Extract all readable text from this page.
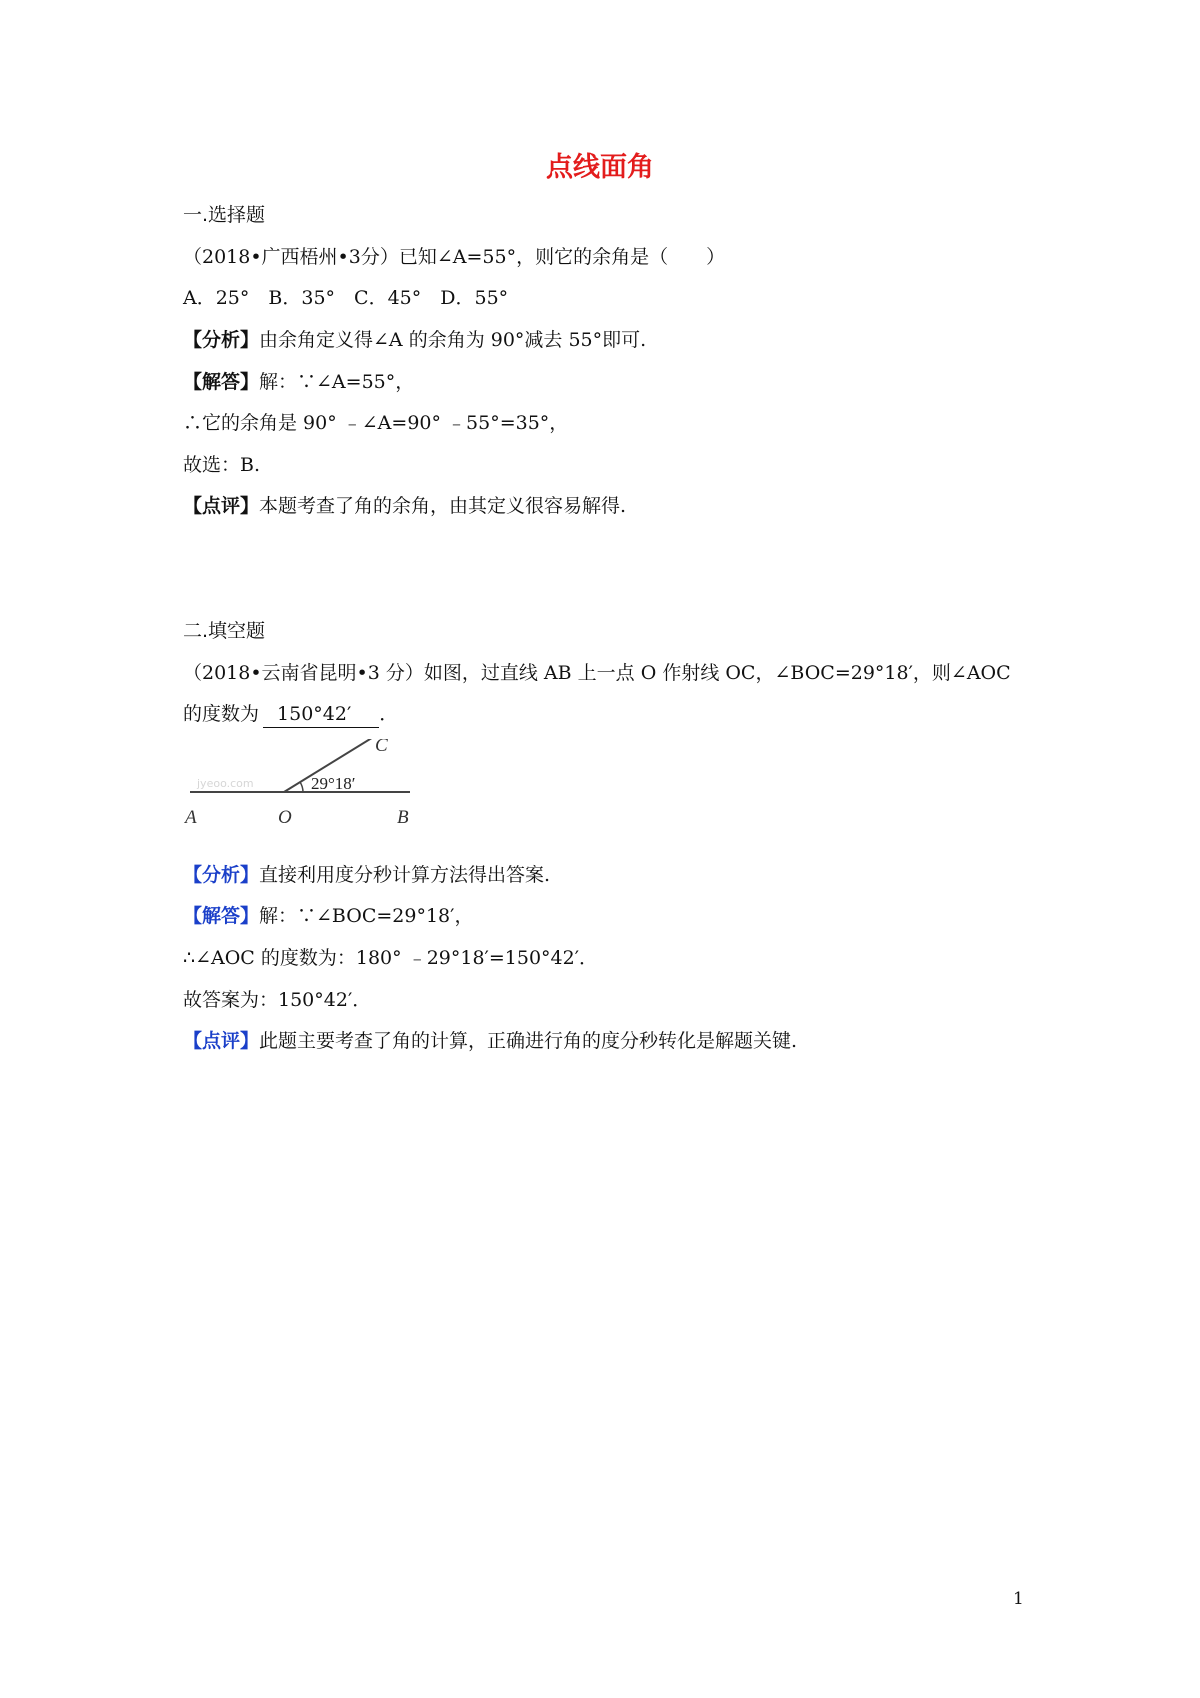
点线面角
一.选择题
（2018•广西梧州•3分）已知∠A=55°，则它的余角是（　　）
A．25°　B．35°　C．45°　D．55°
【分析】由余角定义得∠A 的余角为 90°减去 55°即可.
【解答】解：∵∠A=55°，
∴它的余角是 90° ﹣∠A=90° ﹣55°=35°，
故选：B.
【点评】本题考查了角的余角，由其定义很容易解得.
二.填空题
（2018•云南省昆明•3 分）如图，过直线 AB 上一点 O 作射线 OC，∠BOC=29°18′，则∠AOC
的度数为 150°42′ ．
jyeoo.com	29°18′
A	O	B
C
【分析】直接利用度分秒计算方法得出答案.
【解答】解：∵∠BOC=29°18′，
∴∠AOC 的度数为：180° ﹣29°18′=150°42′．
故答案为：150°42′．
【点评】此题主要考查了角的计算，正确进行角的度分秒转化是解题关键.
1
